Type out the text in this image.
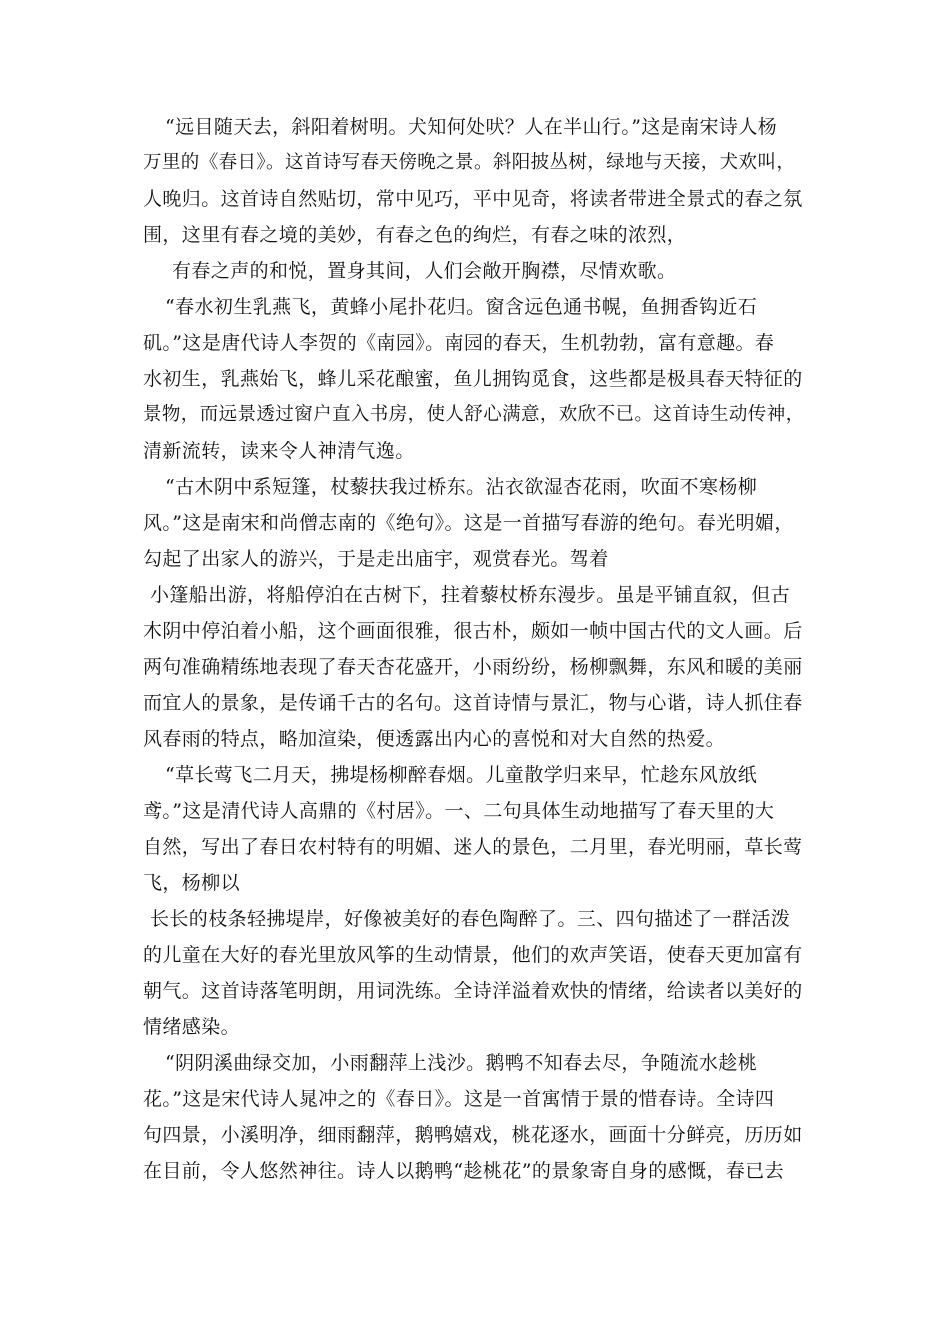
“远目随天去，斜阳着树明。犬知何处吠？人在半山行。”这是南宋诗人杨
万里的《春日》。这首诗写春天傍晚之景。斜阳披丛树，绿地与天接，犬欢叫，
人晚归。这首诗自然贴切，常中见巧，平中见奇，将读者带进全景式的春之氛
围，这里有春之境的美妙，有春之色的绚烂，有春之味的浓烈，
有春之声的和悦，置身其间，人们会敞开胸襟，尽情欢歌。
“春水初生乳燕飞，黄蜂小尾扑花归。窗含远色通书幌，鱼拥香钩近石
矶。”这是唐代诗人李贺的《南园》。南园的春天，生机勃勃，富有意趣。春
水初生，乳燕始飞，蜂儿采花酿蜜，鱼儿拥钩觅食，这些都是极具春天特征的
景物，而远景透过窗户直入书房，使人舒心满意，欢欣不已。这首诗生动传神，
清新流转，读来令人神清气逸。
“古木阴中系短篷，杖藜扶我过桥东。沾衣欲湿杏花雨，吹面不寒杨柳
风。”这是南宋和尚僧志南的《绝句》。这是一首描写春游的绝句。春光明媚，
勾起了出家人的游兴，于是走出庙宇，观赏春光。驾着
小篷船出游，将船停泊在古树下，拄着藜杖桥东漫步。虽是平铺直叙，但古
木阴中停泊着小船，这个画面很雅，很古朴，颇如一帧中国古代的文人画。后
两句准确精练地表现了春天杏花盛开，小雨纷纷，杨柳飘舞，东风和暖的美丽
而宜人的景象，是传诵千古的名句。这首诗情与景汇，物与心谐，诗人抓住春
风春雨的特点，略加渲染，便透露出内心的喜悦和对大自然的热爱。
“草长莺飞二月天，拂堤杨柳醉春烟。儿童散学归来早，忙趁东风放纸
鸢。”这是清代诗人高鼎的《村居》。一、二句具体生动地描写了春天里的大
自然，写出了春日农村特有的明媚、迷人的景色，二月里，春光明丽，草长莺
飞，杨柳以
长长的枝条轻拂堤岸，好像被美好的春色陶醉了。三、四句描述了一群活泼
的儿童在大好的春光里放风筝的生动情景，他们的欢声笑语，使春天更加富有
朝气。这首诗落笔明朗，用词洗练。全诗洋溢着欢快的情绪，给读者以美好的
情绪感染。
“阴阴溪曲绿交加，小雨翻萍上浅沙。鹅鸭不知春去尽，争随流水趁桃
花。”这是宋代诗人晁冲之的《春日》。这是一首寓情于景的惜春诗。全诗四
句四景，小溪明净，细雨翻萍，鹅鸭嬉戏，桃花逐水，画面十分鲜亮，历历如
在目前，令人悠然神往。诗人以鹅鸭“趁桃花”的景象寄自身的感慨，春已去
